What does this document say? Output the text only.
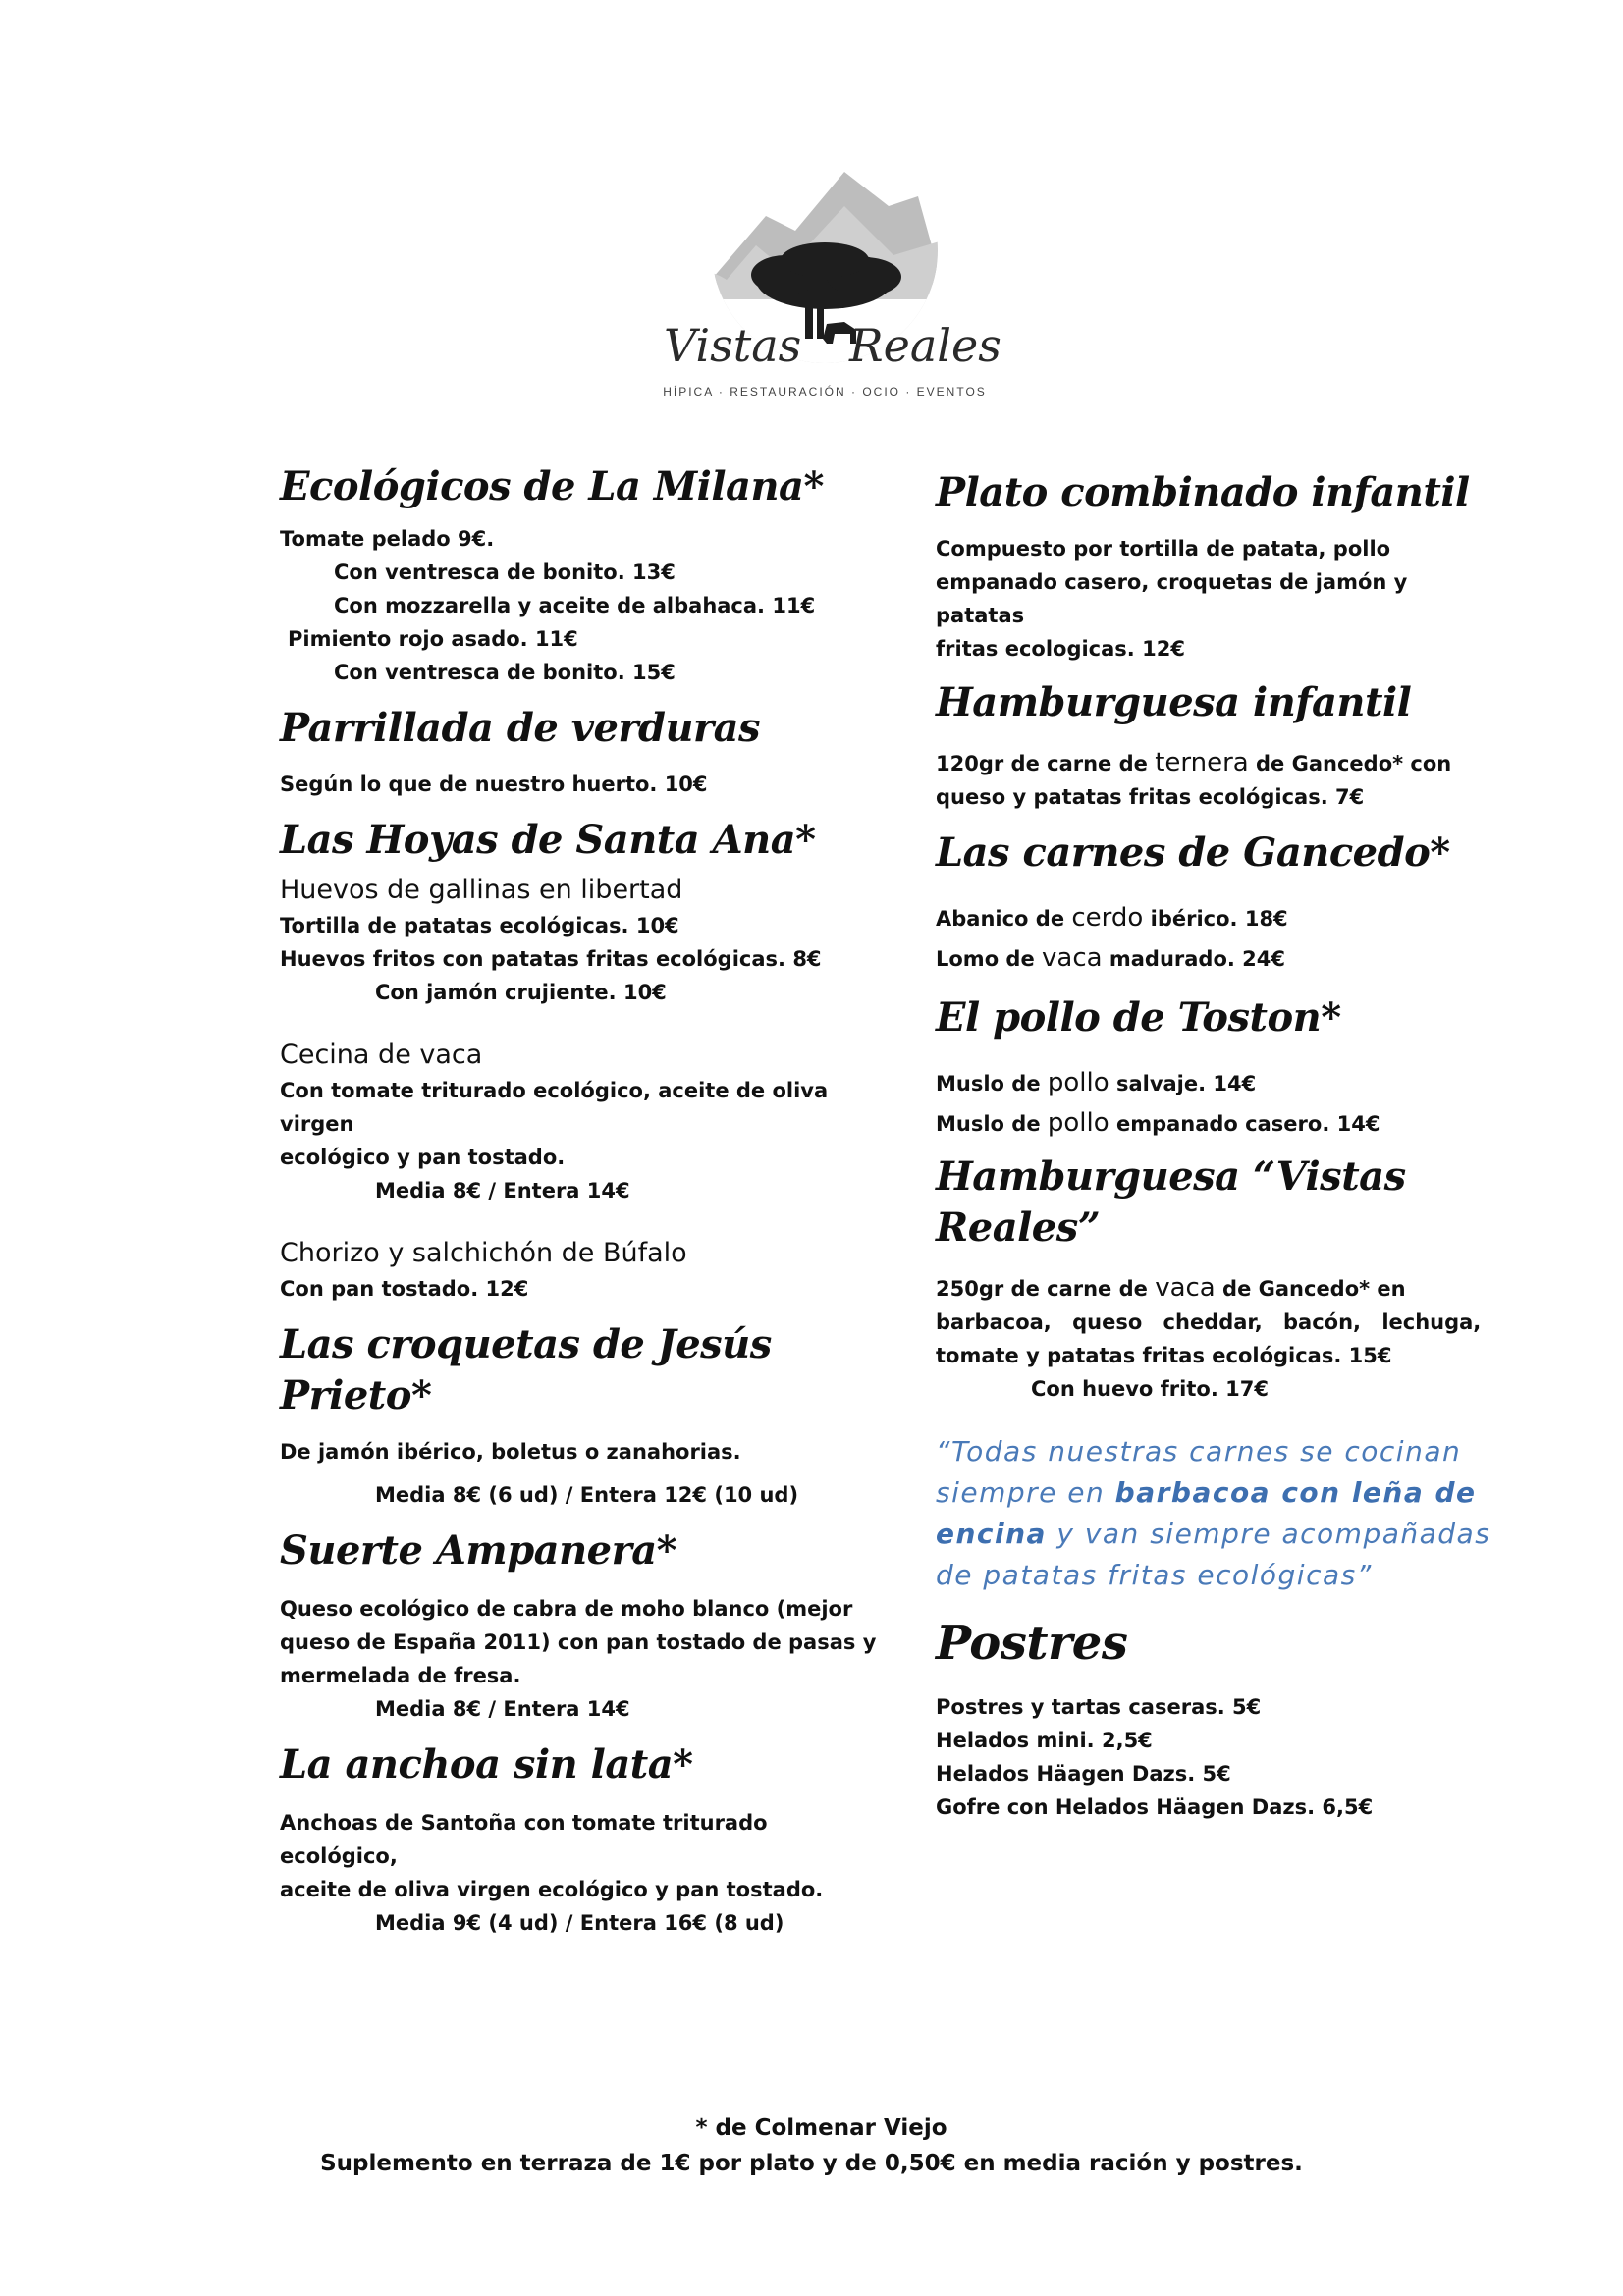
Vistas Reales
HÍPICA · RESTAURACIÓN · OCIO · EVENTOS
Ecológicos de La Milana*

Tomate pelado 9€.

Con ventresca de bonito. 13€

Con mozzarella y aceite de albahaca. 11€

Pimiento rojo asado. 11€

Con ventresca de bonito. 15€

Parrillada de verduras

Según lo que de nuestro huerto. 10€

Las Hoyas de Santa Ana*

Huevos de gallinas en libertad

Tortilla de patatas ecológicas. 10€

Huevos fritos con patatas fritas ecológicas. 8€

Con jamón crujiente. 10€

Cecina de vaca

Con tomate triturado ecológico, aceite de oliva virgen

ecológico y pan tostado.

Media 8€ / Entera 14€

Chorizo y salchichón de Búfalo

Con pan tostado. 12€

Las croquetas de Jesús Prieto*

De jamón ibérico, boletus o zanahorias.

Media 8€ (6 ud) / Entera 12€ (10 ud)

Suerte Ampanera*

Queso ecológico de cabra de moho blanco (mejor

queso de España 2011) con pan tostado de pasas y

mermelada de fresa.

Media 8€ / Entera 14€

La anchoa sin lata*

Anchoas de Santoña con tomate triturado ecológico,

aceite de oliva virgen ecológico y pan tostado.

Media 9€ (4 ud) / Entera 16€ (8 ud)

Plato combinado infantil

Compuesto por tortilla de patata, pollo

empanado casero, croquetas de jamón y patatas

fritas ecologicas. 12€

Hamburguesa infantil

120gr de carne de ternera de Gancedo* con

queso y patatas fritas ecológicas. 7€

Las carnes de Gancedo*

Abanico de cerdo ibérico. 18€

Lomo de vaca madurado. 24€

El pollo de Toston*

Muslo de pollo salvaje. 14€

Muslo de pollo empanado casero. 14€

Hamburguesa “Vistas Reales”

250gr de carne de vaca de Gancedo* en

barbacoa, queso cheddar, bacón, lechuga,

tomate y patatas fritas ecológicas. 15€

Con huevo frito. 17€

“Todas nuestras carnes se cocinan

siempre en barbacoa con leña de

encina y van siempre acompañadas

de patatas fritas ecológicas”

Postres

Postres y tartas caseras. 5€

Helados mini. 2,5€

Helados Häagen Dazs. 5€

Gofre con Helados Häagen Dazs. 6,5€

* de Colmenar Viejo
Suplemento en terraza de 1€ por plato y de 0,50€ en media ración y postres.
